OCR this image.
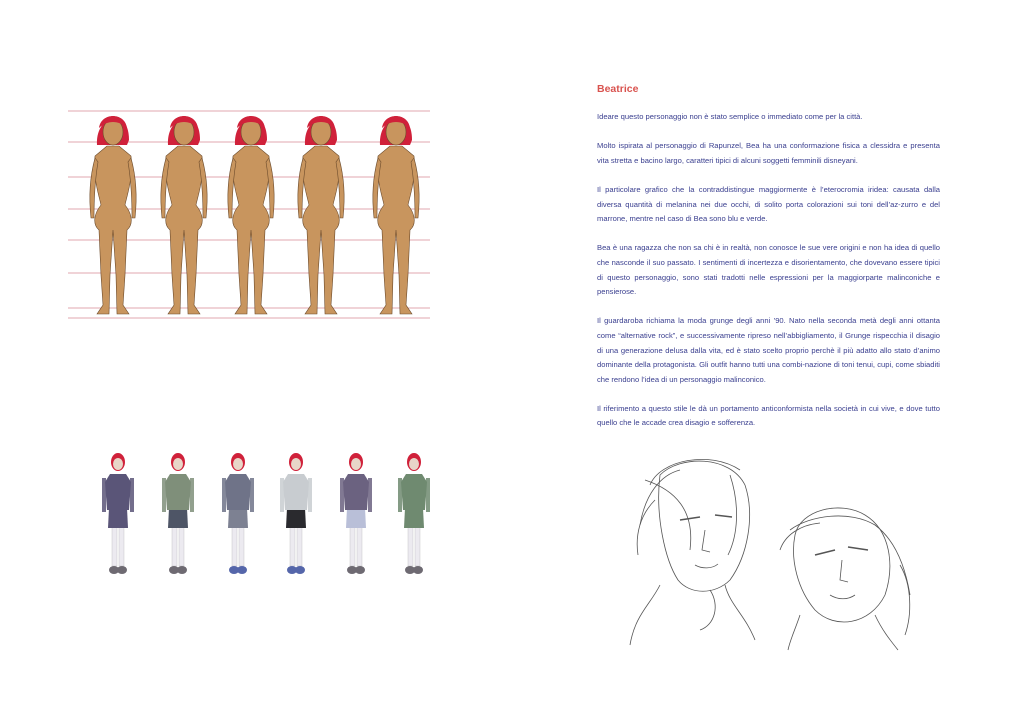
Beatrice

Ideare questo personaggio non è stato semplice o immediato come per la città.

Molto ispirata al personaggio di Rapunzel, Bea ha una conformazione fisica a clessidra e presenta vita stretta e bacino largo, caratteri tipici di alcuni soggetti femminili disneyani.

Il particolare grafico che la contraddistingue maggiormente è l’eterocromia iridea: causata dalla diversa quantità di melanina nei due occhi, di solito porta colorazioni sui toni dell’az-zurro e del marrone, mentre nel caso di Bea sono blu e verde.

Bea è una ragazza che non sa chi è in realtà, non conosce le sue vere origini e non ha idea di quello che nasconde il suo passato. I sentimenti di incertezza e disorientamento, che dovevano essere tipici di questo personaggio, sono stati tradotti nelle espressioni per la maggiorparte malinconiche e pensierose.

Il guardaroba richiama la moda grunge degli anni ’90. Nato nella seconda metà degli anni ottanta come “alternative rock”, e successivamente ripreso nell’abbigliamento, il Grunge rispecchia il disagio di una generazione delusa dalla vita, ed è stato scelto proprio perchè il più adatto allo stato d’animo dominante della protagonista. Gli outfit hanno tutti una combi-nazione di toni tenui, cupi, come sbiaditi che rendono l’idea di un personaggio malinconico.

Il riferimento a questo stile le dà un portamento anticonformista nella società in cui vive, e dove tutto quello che le accade crea disagio e sofferenza.
